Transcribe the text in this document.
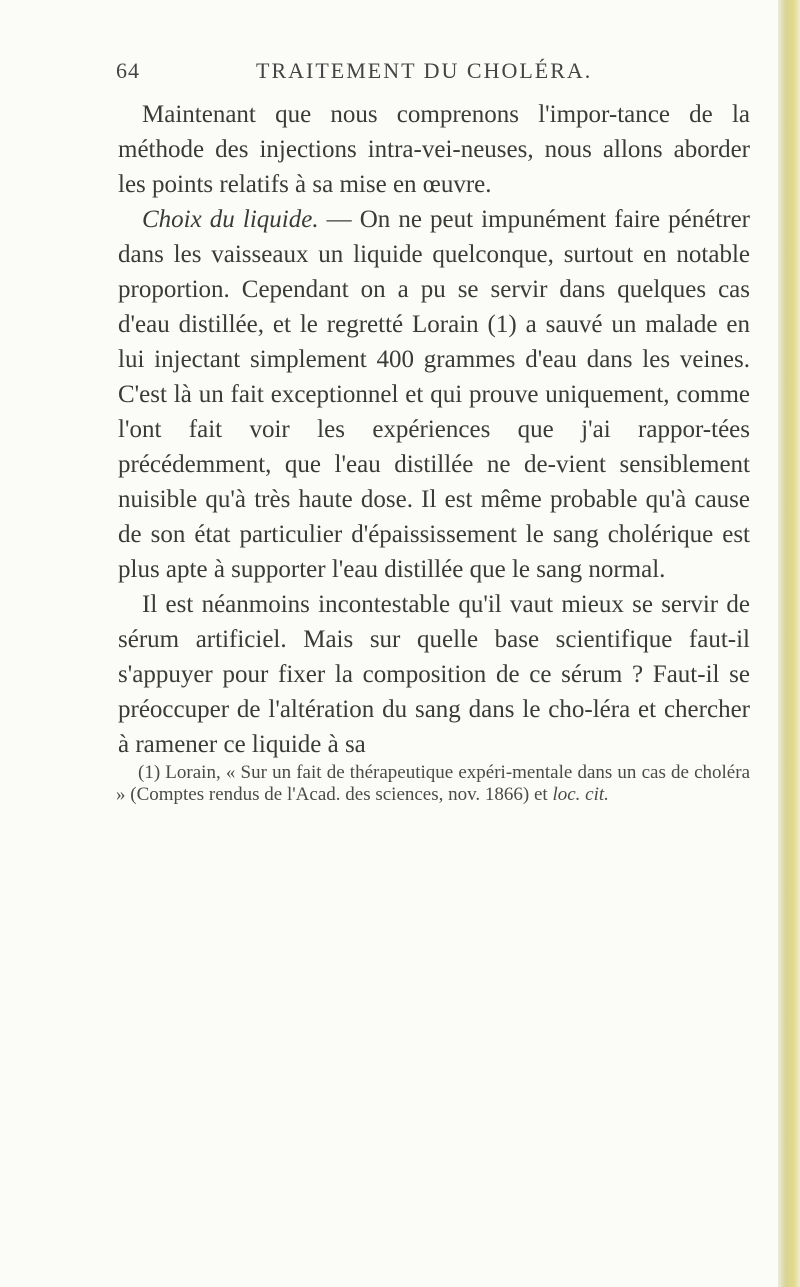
64	TRAITEMENT DU CHOLÉRA.

Maintenant que nous comprenons l'impor-tance de la méthode des injections intra-vei-neuses, nous allons aborder les points relatifs à sa mise en œuvre.

Choix du liquide. — On ne peut impunément faire pénétrer dans les vaisseaux un liquide quelconque, surtout en notable proportion. Cependant on a pu se servir dans quelques cas d'eau distillée, et le regretté Lorain (1) a sauvé un malade en lui injectant simplement 400 grammes d'eau dans les veines. C'est là un fait exceptionnel et qui prouve uniquement, comme l'ont fait voir les expériences que j'ai rappor-tées précédemment, que l'eau distillée ne de-vient sensiblement nuisible qu'à très haute dose. Il est même probable qu'à cause de son état particulier d'épaississement le sang cholérique est plus apte à supporter l'eau distillée que le sang normal.

Il est néanmoins incontestable qu'il vaut mieux se servir de sérum artificiel. Mais sur quelle base scientifique faut-il s'appuyer pour fixer la composition de ce sérum ? Faut-il se préoccuper de l'altération du sang dans le cho-léra et chercher à ramener ce liquide à sa

(1) Lorain, « Sur un fait de thérapeutique expéri-mentale dans un cas de choléra » (Comptes rendus de l'Acad. des sciences, nov. 1866) et loc. cit.
